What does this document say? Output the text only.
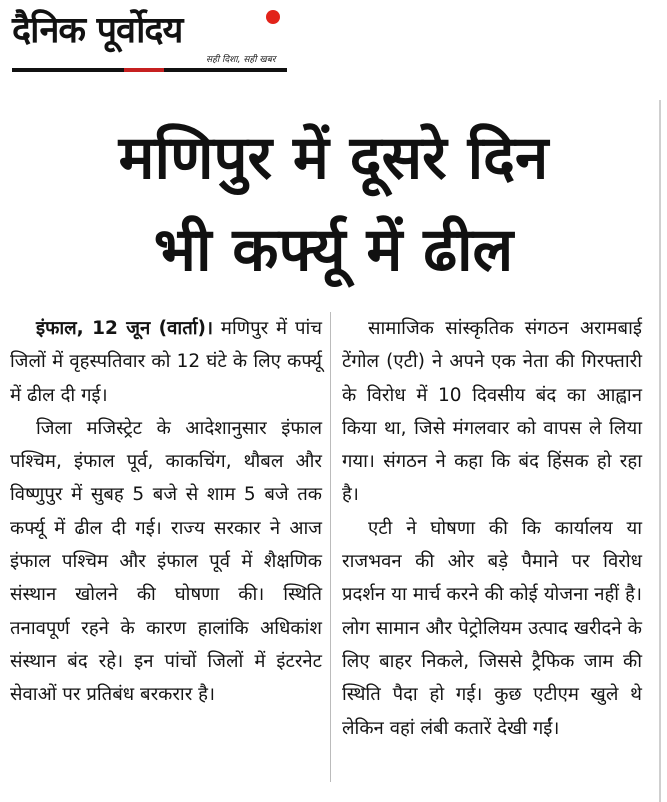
दैनिक पूर्वोदय
सही दिशा, सही खबर
मणिपुर में दूसरे दिन
भी कर्फ्यू में ढील

इंफाल, 12 जून (वार्ता)। मणिपुर में पांच जिलों में वृहस्पतिवार को 12 घंटे के लिए कर्फ्यू में ढील दी गई।

जिला मजिस्ट्रेट के आदेशानुसार इंफाल पश्चिम, इंफाल पूर्व, काकचिंग, थौबल और विष्णुपुर में सुबह 5 बजे से शाम 5 बजे तक कर्फ्यू में ढील दी गई। राज्य सरकार ने आज इंफाल पश्चिम और इंफाल पूर्व में शैक्षणिक संस्थान खोलने की घोषणा की। स्थिति तनावपूर्ण रहने के कारण हालांकि अधिकांश संस्थान बंद रहे। इन पांचों जिलों में इंटरनेट सेवाओं पर प्रतिबंध बरकरार है।

सामाजिक सांस्कृतिक संगठन अरामबाई टेंगोल (एटी) ने अपने एक नेता की गिरफ्तारी के विरोध में 10 दिवसीय बंद का आह्वान किया था, जिसे मंगलवार को वापस ले लिया गया। संगठन ने कहा कि बंद हिंसक हो रहा है।

एटी ने घोषणा की कि कार्यालय या राजभवन की ओर बड़े पैमाने पर विरोध प्रदर्शन या मार्च करने की कोई योजना नहीं है। लोग सामान और पेट्रोलियम उत्पाद खरीदने के लिए बाहर निकले, जिससे ट्रैफिक जाम की स्थिति पैदा हो गई। कुछ एटीएम खुले थे लेकिन वहां लंबी कतारें देखी गईं।
